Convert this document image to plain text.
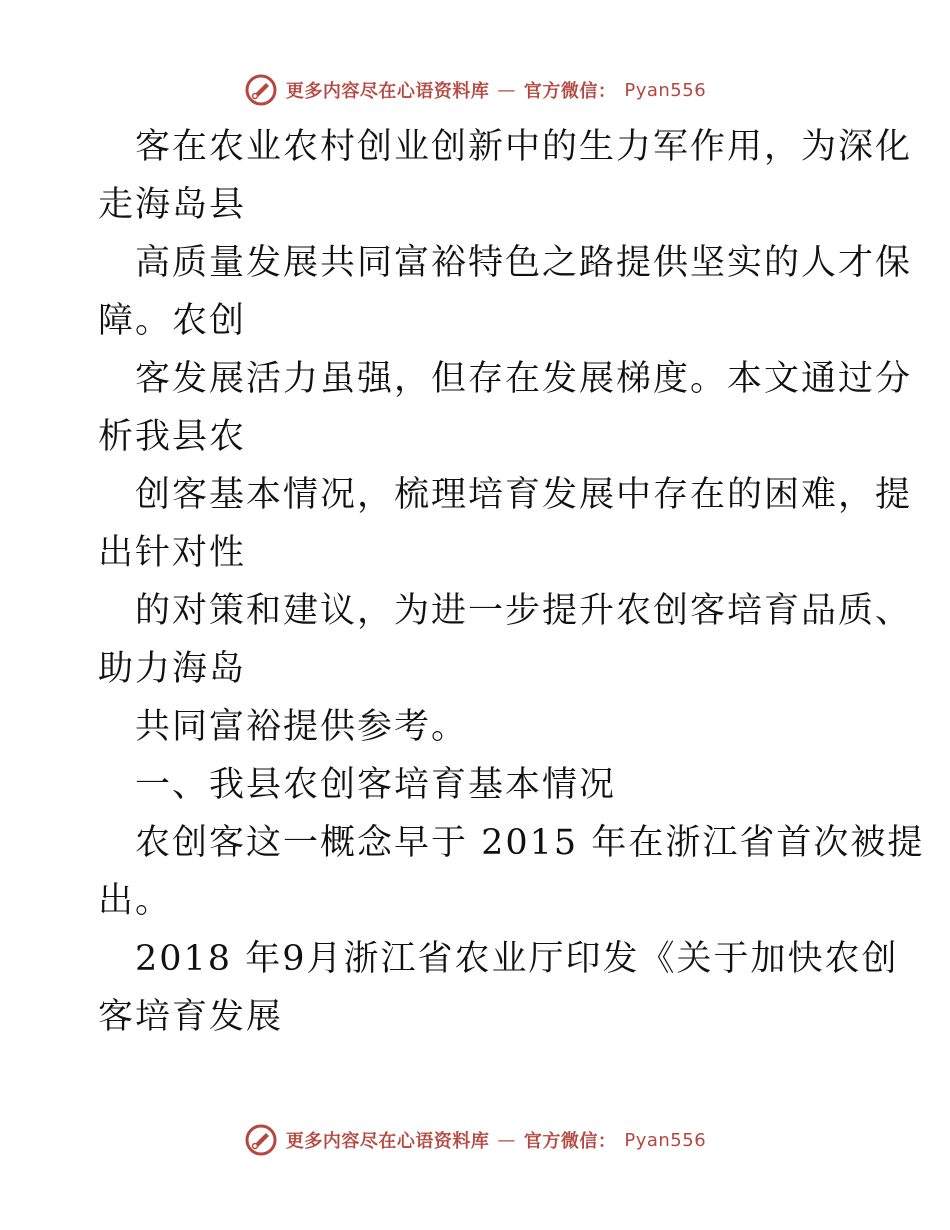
更多内容尽在心语资料库 — 官方微信： Pyan556
客在农业农村创业创新中的生力军作用，为深化
走海岛县
高质量发展共同富裕特色之路提供坚实的人才保
障。农创
客发展活力虽强，但存在发展梯度。本文通过分
析我县农
创客基本情况，梳理培育发展中存在的困难，提
出针对性
的对策和建议，为进一步提升农创客培育品质、
助力海岛
共同富裕提供参考。
一、我县农创客培育基本情况
农创客这一概念早于 2015 年在浙江省首次被提
出。
2018 年9月浙江省农业厅印发《关于加快农创
客培育发展
更多内容尽在心语资料库 — 官方微信： Pyan556
